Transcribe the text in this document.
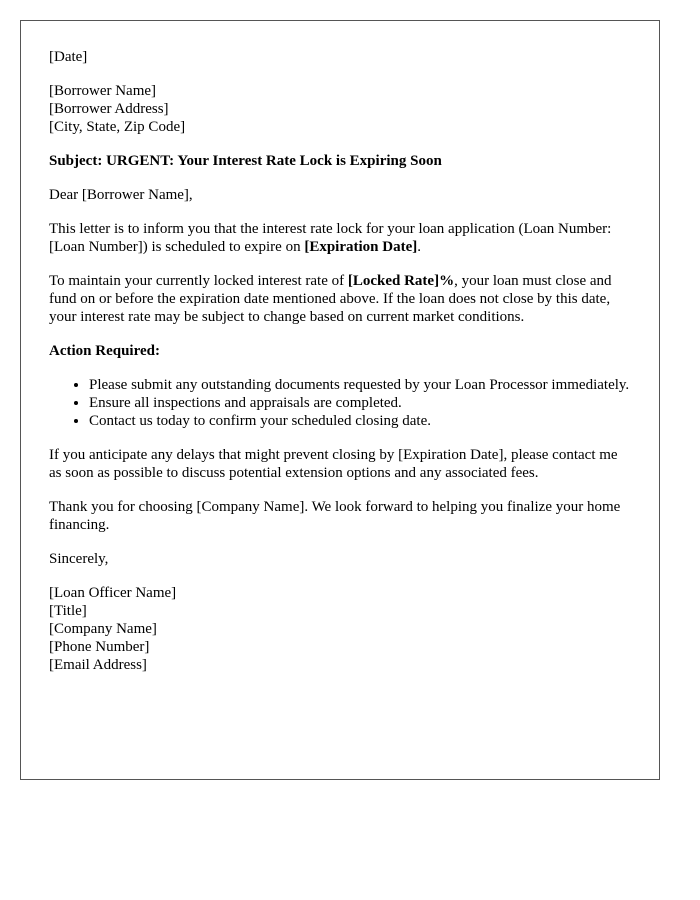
[Date]

[Borrower Name]
[Borrower Address]
[City, State, Zip Code]

Subject: URGENT: Your Interest Rate Lock is Expiring Soon

Dear [Borrower Name],

This letter is to inform you that the interest rate lock for your loan application (Loan Number: [Loan Number]) is scheduled to expire on [Expiration Date].

To maintain your currently locked interest rate of [Locked Rate]%, your loan must close and fund on or before the expiration date mentioned above. If the loan does not close by this date, your interest rate may be subject to change based on current market conditions.

Action Required:

• Please submit any outstanding documents requested by your Loan Processor immediately.
• Ensure all inspections and appraisals are completed.
• Contact us today to confirm your scheduled closing date.

If you anticipate any delays that might prevent closing by [Expiration Date], please contact me as soon as possible to discuss potential extension options and any associated fees.

Thank you for choosing [Company Name]. We look forward to helping you finalize your home financing.

Sincerely,

[Loan Officer Name]
[Title]
[Company Name]
[Phone Number]
[Email Address]
